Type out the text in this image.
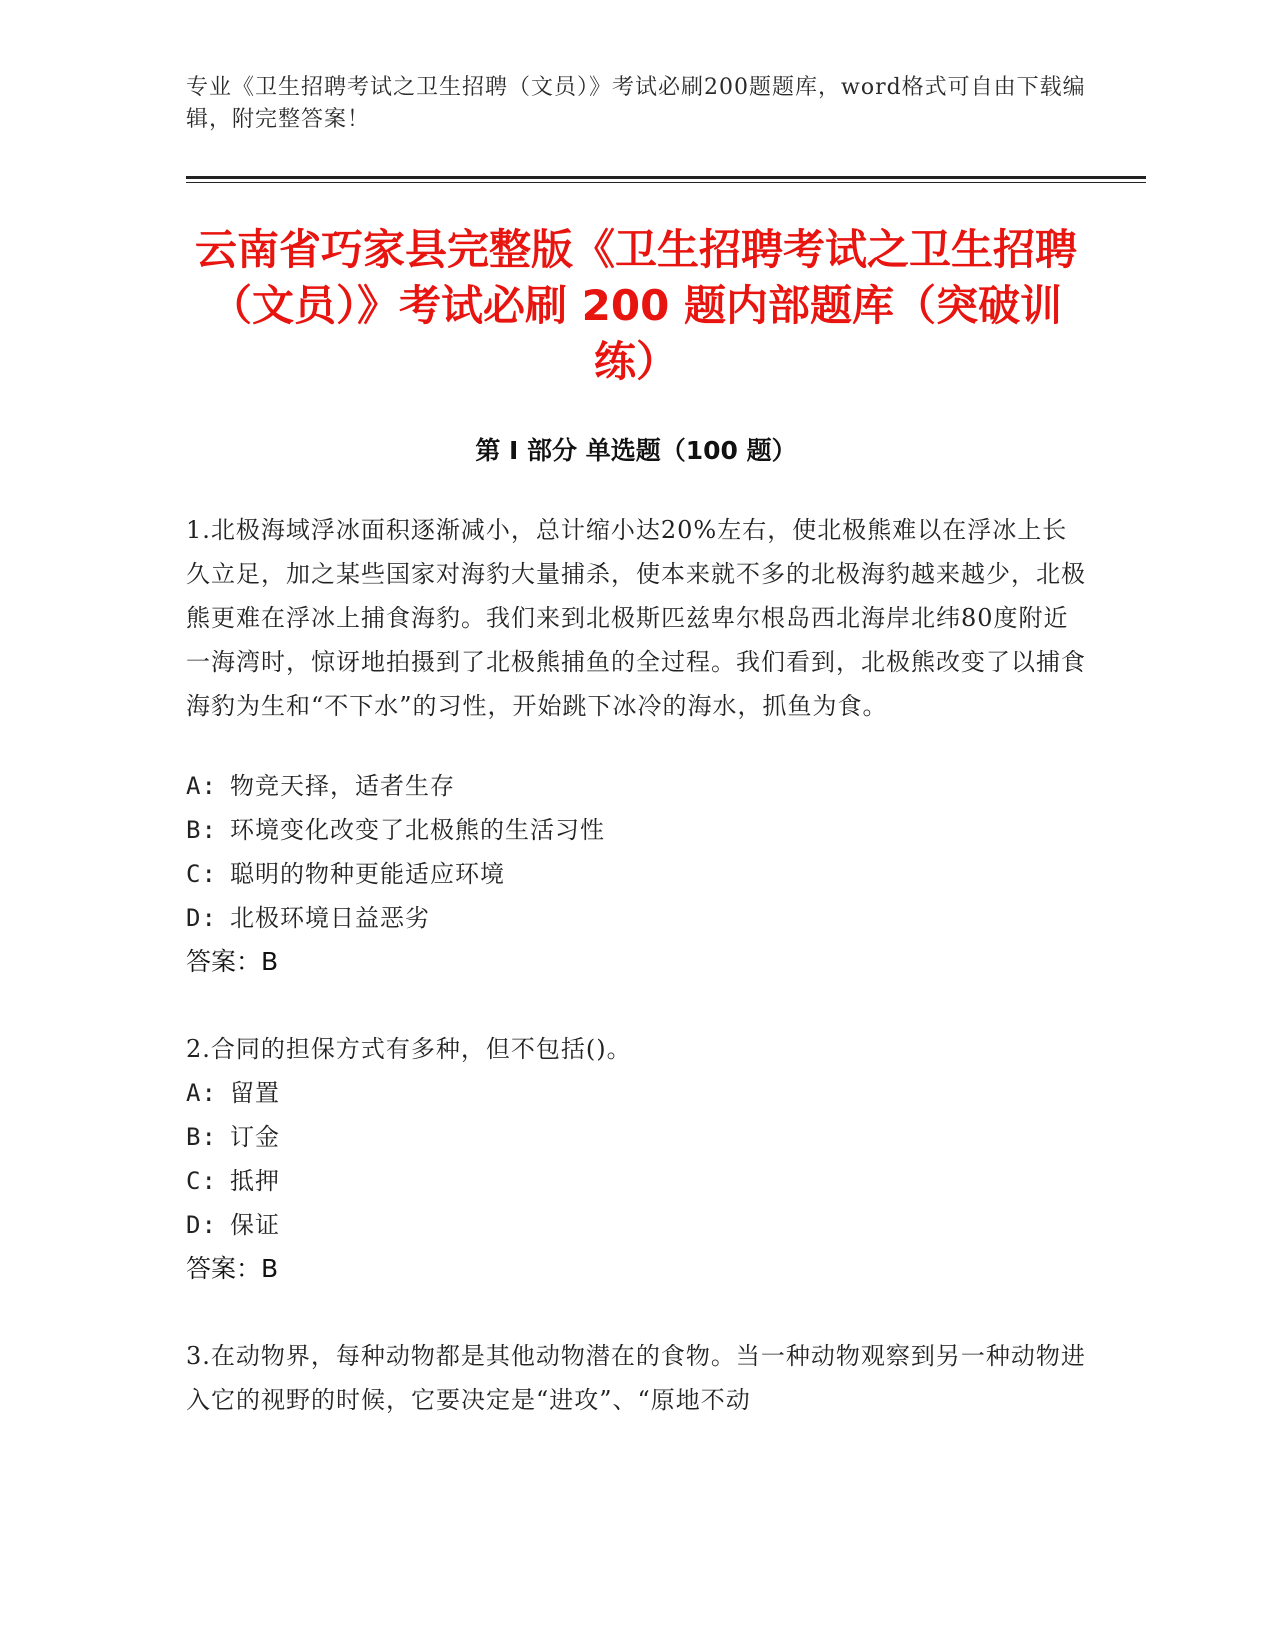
专业《卫生招聘考试之卫生招聘（文员）》考试必刷200题题库，word格式可自由下载编辑，附完整答案！
云南省巧家县完整版《卫生招聘考试之卫生招聘（文员）》考试必刷 200 题内部题库（突破训练）
第 I 部分 单选题（100 题）

1.北极海域浮冰面积逐渐减小，总计缩小达20%左右，使北极熊难以在浮冰上长久立足，加之某些国家对海豹大量捕杀，使本来就不多的北极海豹越来越少，北极熊更难在浮冰上捕食海豹。我们来到北极斯匹兹卑尔根岛西北海岸北纬80度附近一海湾时，惊讶地拍摄到了北极熊捕鱼的全过程。我们看到，北极熊改变了以捕食海豹为生和“不下水”的习性，开始跳下冰冷的海水，抓鱼为食。

A: 物竞天择，适者生存

B: 环境变化改变了北极熊的生活习性

C: 聪明的物种更能适应环境

D: 北极环境日益恶劣

答案：B

2.合同的担保方式有多种，但不包括()。

A: 留置

B: 订金

C: 抵押

D: 保证

答案：B

3.在动物界，每种动物都是其他动物潜在的食物。当一种动物观察到另一种动物进入它的视野的时候，它要决定是“进攻”、“原地不动
